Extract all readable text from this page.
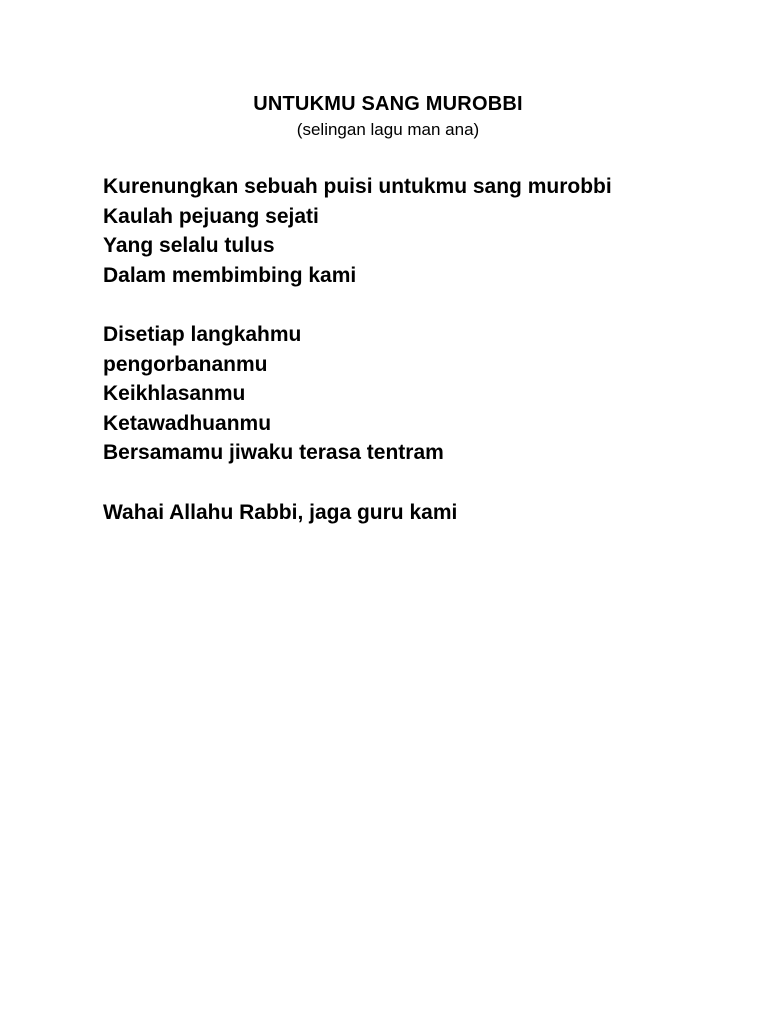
UNTUKMU SANG MUROBBI
(selingan lagu man ana)
Kurenungkan sebuah puisi untukmu sang murobbi
Kaulah pejuang sejati
Yang selalu tulus
Dalam membimbing kami
Disetiap langkahmu
pengorbananmu
Keikhlasanmu
Ketawadhuanmu
Bersamamu jiwaku terasa tentram
Wahai Allahu Rabbi, jaga guru kami
